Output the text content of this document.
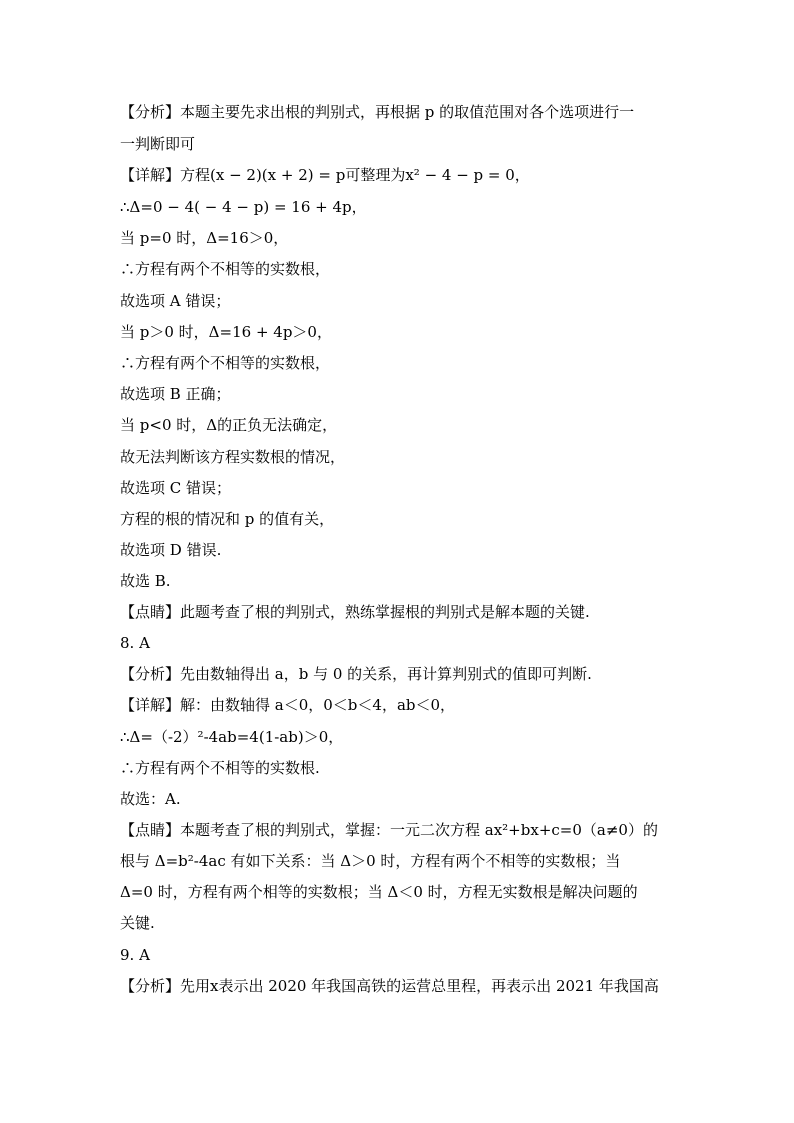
【分析】本题主要先求出根的判别式，再根据 p 的取值范围对各个选项进行一
一判断即可
【详解】方程(x − 2)(x + 2) = p可整理为x² − 4 − p = 0，
∴Δ=0 − 4( − 4 − p) = 16 + 4p，
当 p=0 时，Δ=16＞0，
∴方程有两个不相等的实数根，
故选项 A 错误；
当 p＞0 时，Δ=16 + 4p＞0，
∴方程有两个不相等的实数根，
故选项 B 正确；
当 p<0 时，Δ的正负无法确定，
故无法判断该方程实数根的情况，
故选项 C 错误；
方程的根的情况和 p 的值有关，
故选项 D 错误.
故选 B.
【点睛】此题考查了根的判别式，熟练掌握根的判别式是解本题的关键.
8. A
【分析】先由数轴得出 a，b 与 0 的关系，再计算判别式的值即可判断.
【详解】解：由数轴得 a＜0，0＜b＜4，ab＜0，
∴Δ=（-2）²-4ab=4(1-ab)＞0，
∴方程有两个不相等的实数根.
故选：A.
【点睛】本题考查了根的判别式，掌握：一元二次方程 ax²+bx+c=0（a≠0）的
根与 Δ=b²-4ac 有如下关系：当 Δ＞0 时，方程有两个不相等的实数根；当
Δ=0 时，方程有两个相等的实数根；当 Δ＜0 时，方程无实数根是解决问题的
关键.
9. A
【分析】先用x表示出 2020 年我国高铁的运营总里程，再表示出 2021 年我国高
